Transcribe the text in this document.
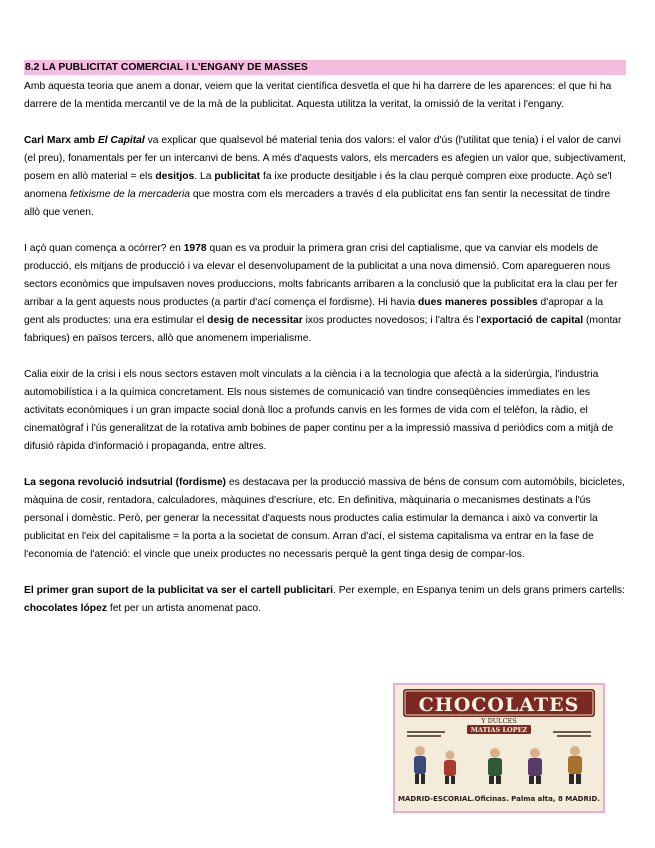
8.2 LA PUBLICITAT COMERCIAL I L'ENGANY DE MASSES

Amb aquesta teoria que anem a donar, veiem que la veritat científica desvetla el que hi ha darrere de les aparences: el que hi ha darrere de la mentida mercantil ve de la mà de la publicitat. Aquesta utilitza la veritat, la omissió de la veritat i l'engany.

Carl Marx amb El Capital va explicar que qualsevol bé material tenia dos valors: el valor d'ús (l'utilitat que tenia) i el valor de canvi (el preu), fonamentals per fer un intercanvi de bens. A més d'aquests valors, els mercaders es afegien un valor que, subjectivament, posem en allò material = els desitjos. La publicitat fa ixe producte desitjable i és la clau perquè compren eixe producte. Açò se'l anomena fetixisme de la mercaderia que mostra com els mercaders a través d ela publicitat ens fan sentir la necessitat de tindre allò que venen.

I açò quan comença a ocórrer? en 1978 quan es va produir la primera gran crisi del captialisme, que va canviar els models de producció, els mitjans de producció i va elevar el desenvolupament de la publicitat a una nova dimensió. Com aparegueren nous sectors econòmics que impulsaven noves produccions, molts fabricants arribaren a la conclusió que la publicitat era la clau per fer arribar a la gent aquests nous productes (a partir d'ací comença el fordisme). Hi havia dues maneres possibles d'apropar a la gent als productes: una era estimular el desig de necessitar ixos productes novedosos; i l'altra és l'exportació de capital (montar fabriques) en països tercers, allò que anomenem imperialisme.

Calia eixir de la crisi i els nous sectors estaven molt vinculats a la ciència i a la tecnologia que afectà a la siderúrgia, l'industria automobilística i a la química concretament. Els nous sistemes de comunicació van tindre conseqüències immediates en les activitats econòmiques i un gran impacte social donà lloc a profunds canvis en les formes de vida com el telèfon, la ràdio, el cinematògraf i l'ús generalitzat de la rotativa amb bobines de paper continu per a la impressió massiva d periòdics com a mitjà de difusió ràpida d'informació i propaganda, entre altres.

La segona revolució indsutrial (fordisme) es destacava per la producció massiva de béns de consum com automòbils, bicicletes, màquina de cosir, rentadora, calculadores, màquines d'escriure, etc. En definitiva, màquinaria o mecanismes destinats a l'ús personal i domèstic. Però, per generar la necessitat d'aquests nous productes calia estimular la demanca i això va convertir la publicitat en l'eix del capitalisme = la porta a la societat de consum. Arran d'ací, el sistema capitalisma va entrar en la fase de l'economia de l'atenció: el vincle que uneix productes no necessaris perquè la gent tinga desig de compar-los.

El primer gran suport de la publicitat va ser el cartell publicitari. Per exemple, en Espanya tenim un dels grans primers cartells: chocolates lópez fet per un artista anomenat paco.

CHOCOLATES
Y DULCES
MATIAS LOPEZ
MADRID-ESCORIAL.Oficinas. Palma alta, 8 MADRID.
